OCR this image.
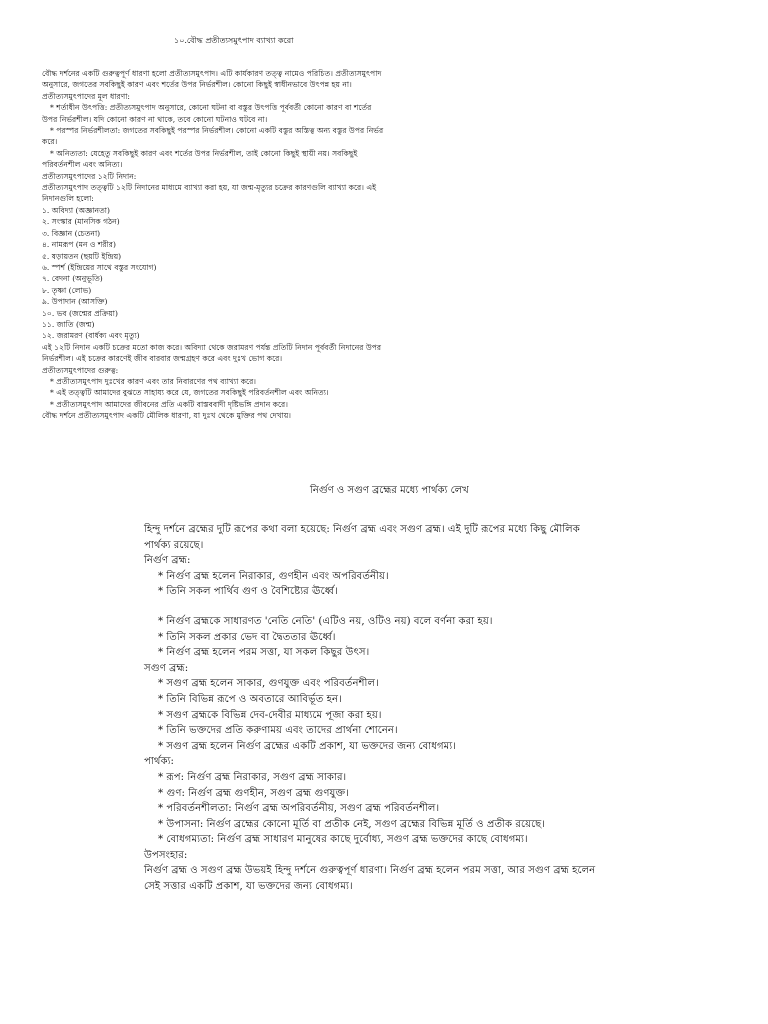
১০.বৌদ্ধ প্রতীত্যসমুৎপাদ ব্যাখ্যা করো
বৌদ্ধ দর্শনের একটি গুরুত্বপূর্ণ ধারণা হলো প্রতীত্যসমুৎপাদ। এটি কার্যকারণ তত্ত্ব নামেও পরিচিত। প্রতীত্যসমুৎপাদ
অনুসারে, জগতের সবকিছুই কারণ এবং শর্তের উপর নির্ভরশীল। কোনো কিছুই স্বাধীনভাবে উৎপন্ন হয় না।
প্রতীত্যসমুৎপাদের মূল ধারণা:
* শর্তাধীন উৎপত্তি: প্রতীত্যসমুৎপাদ অনুসারে, কোনো ঘটনা বা বস্তুর উৎপত্তি পূর্ববর্তী কোনো কারণ বা শর্তের
উপর নির্ভরশীল। যদি কোনো কারণ না থাকে, তবে কোনো ঘটনাও ঘটবে না।
* পরস্পর নির্ভরশীলতা: জগতের সবকিছুই পরস্পর নির্ভরশীল। কোনো একটি বস্তুর অস্তিত্ব অন্য বস্তুর উপর নির্ভর
করে।
* অনিত্যতা: যেহেতু সবকিছুই কারণ এবং শর্তের উপর নির্ভরশীল, তাই কোনো কিছুই স্থায়ী নয়। সবকিছুই
পরিবর্তনশীল এবং অনিত্য।
প্রতীত্যসমুৎপাদের ১২টি নিদান:
প্রতীত্যসমুৎপাদ তত্ত্বটি ১২টি নিদানের মাধ্যমে ব্যাখ্যা করা হয়, যা জন্ম-মৃত্যুর চক্রের কারণগুলি ব্যাখ্যা করে। এই
নিদানগুলি হলো:
১. অবিদ্যা (অজ্ঞানতা)
২. সংস্কার (মানসিক গঠন)
৩. বিজ্ঞান (চেতনা)
৪. নামরূপ (মন ও শরীর)
৫. ষড়ায়তন (ছয়টি ইন্দ্রিয়)
৬. স্পর্শ (ইন্দ্রিয়ের সাথে বস্তুর সংযোগ)
৭. বেদনা (অনুভূতি)
৮. তৃষ্ণা (লোভ)
৯. উপাদান (আসক্তি)
১০. ভব (জন্মের প্রক্রিয়া)
১১. জাতি (জন্ম)
১২. জরামরণ (বার্ধক্য এবং মৃত্যু)
এই ১২টি নিদান একটি চক্রের মতো কাজ করে। অবিদ্যা থেকে জরামরণ পর্যন্ত প্রতিটি নিদান পূর্ববর্তী নিদানের উপর
নির্ভরশীল। এই চক্রের কারণেই জীব বারবার জন্মগ্রহণ করে এবং দুঃখ ভোগ করে।
প্রতীত্যসমুৎপাদের গুরুত্ব:
* প্রতীত্যসমুৎপাদ দুঃখের কারণ এবং তার নিবারণের পথ ব্যাখ্যা করে।
* এই তত্ত্বটি আমাদের বুঝতে সাহায্য করে যে, জগতের সবকিছুই পরিবর্তনশীল এবং অনিত্য।
* প্রতীত্যসমুৎপাদ আমাদের জীবনের প্রতি একটি বাস্তববাদী দৃষ্টিভঙ্গি প্রদান করে।
বৌদ্ধ দর্শনে প্রতীত্যসমুৎপাদ একটি মৌলিক ধারণা, যা দুঃখ থেকে মুক্তির পথ দেখায়।
নির্গুণ ও সগুণ ব্রহ্মের মধ্যে পার্থক্য লেখ
হিন্দু দর্শনে ব্রহ্মের দুটি রূপের কথা বলা হয়েছে: নির্গুণ ব্রহ্ম এবং সগুণ ব্রহ্ম। এই দুটি রূপের মধ্যে কিছু মৌলিক
পার্থক্য রয়েছে।
নির্গুণ ব্রহ্ম:
* নির্গুণ ব্রহ্ম হলেন নিরাকার, গুণহীন এবং অপরিবর্তনীয়।
* তিনি সকল পার্থিব গুণ ও বৈশিষ্ট্যের ঊর্ধ্বে।
* নির্গুণ ব্রহ্মকে সাধারণত 'নেতি নেতি' (এটিও নয়, ওটিও নয়) বলে বর্ণনা করা হয়।
* তিনি সকল প্রকার ভেদ বা দ্বৈততার ঊর্ধ্বে।
* নির্গুণ ব্রহ্ম হলেন পরম সত্তা, যা সকল কিছুর উৎস।
সগুণ ব্রহ্ম:
* সগুণ ব্রহ্ম হলেন সাকার, গুণযুক্ত এবং পরিবর্তনশীল।
* তিনি বিভিন্ন রূপে ও অবতারে আবির্ভূত হন।
* সগুণ ব্রহ্মকে বিভিন্ন দেব-দেবীর মাধ্যমে পূজা করা হয়।
* তিনি ভক্তদের প্রতি করুণাময় এবং তাদের প্রার্থনা শোনেন।
* সগুণ ব্রহ্ম হলেন নির্গুণ ব্রহ্মের একটি প্রকাশ, যা ভক্তদের জন্য বোধগম্য।
পার্থক্য:
* রূপ: নির্গুণ ব্রহ্ম নিরাকার, সগুণ ব্রহ্ম সাকার।
* গুণ: নির্গুণ ব্রহ্ম গুণহীন, সগুণ ব্রহ্ম গুণযুক্ত।
* পরিবর্তনশীলতা: নির্গুণ ব্রহ্ম অপরিবর্তনীয়, সগুণ ব্রহ্ম পরিবর্তনশীল।
* উপাসনা: নির্গুণ ব্রহ্মের কোনো মূর্তি বা প্রতীক নেই, সগুণ ব্রহ্মের বিভিন্ন মূর্তি ও প্রতীক রয়েছে।
* বোধগম্যতা: নির্গুণ ব্রহ্ম সাধারণ মানুষের কাছে দুর্বোধ্য, সগুণ ব্রহ্ম ভক্তদের কাছে বোধগম্য।
উপসংহার:
নির্গুণ ব্রহ্ম ও সগুণ ব্রহ্ম উভয়ই হিন্দু দর্শনে গুরুত্বপূর্ণ ধারণা। নির্গুণ ব্রহ্ম হলেন পরম সত্তা, আর সগুণ ব্রহ্ম হলেন
সেই সত্তার একটি প্রকাশ, যা ভক্তদের জন্য বোধগম্য।
